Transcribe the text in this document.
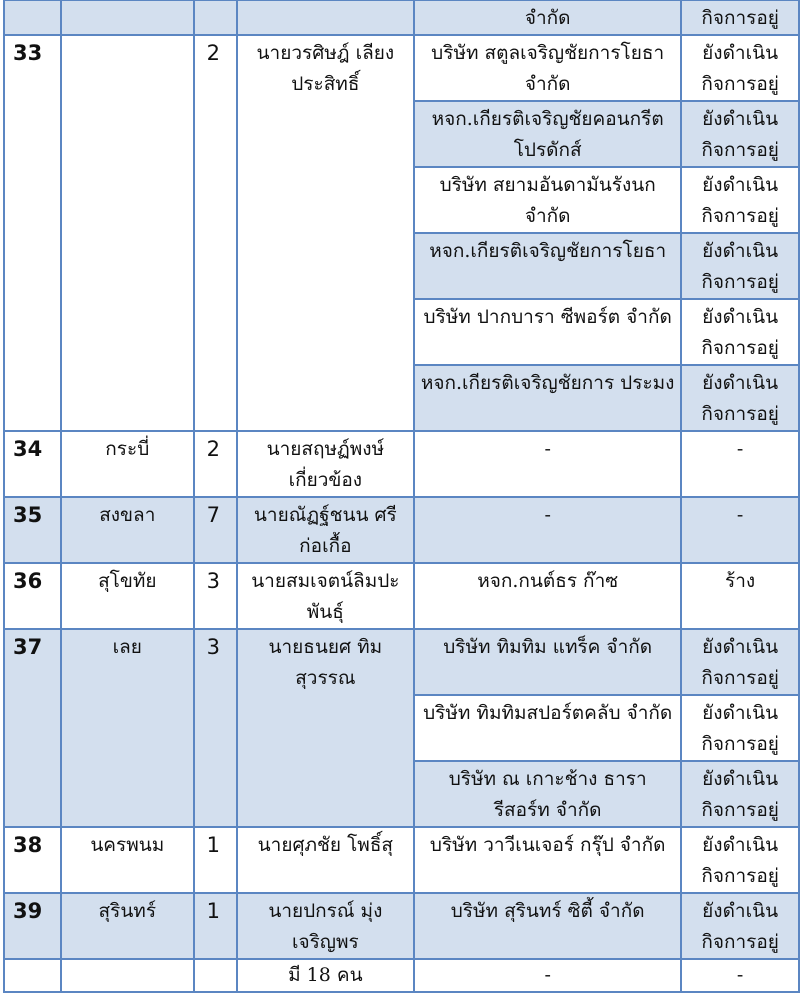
				จำกัด	กิจการอยู่
33		2	นายวรศิษฎ์ เลียง ประสิทธิ์	บริษัท สตูลเจริญชัยการโยธา จำกัด	ยังดำเนิน กิจการอยู่
				หจก.เกียรติเจริญชัยคอนกรีต โปรดักส์	ยังดำเนิน กิจการอยู่
				บริษัท สยามอันดามันรังนก จำกัด	ยังดำเนิน กิจการอยู่
				หจก.เกียรติเจริญชัยการโยธา	ยังดำเนิน กิจการอยู่
				บริษัท ปากบารา ซีพอร์ต จำกัด	ยังดำเนิน กิจการอยู่
				หจก.เกียรติเจริญชัยการ ประมง	ยังดำเนิน กิจการอยู่
34	กระบี่	2	นายสฤษฏ์พงษ์ เกี่ยวข้อง	-	-
35	สงขลา	7	นายณัฏฐ์ชนน ศรี ก่อเกื้อ	-	-
36	สุโขทัย	3	นายสมเจตน์ลิมปะ พันธุ์	หจก.กนต์ธร ก๊าซ	ร้าง
37	เลย	3	นายธนยศ ทิม สุวรรณ	บริษัท ทิมทิม แทร็ค จำกัด	ยังดำเนิน กิจการอยู่
				บริษัท ทิมทิมสปอร์ตคลับ จำกัด	ยังดำเนิน กิจการอยู่
				บริษัท ณ เกาะช้าง ธารา รีสอร์ท จำกัด	ยังดำเนิน กิจการอยู่
38	นครพนม	1	นายศุภชัย โพธิ์สุ	บริษัท วาวีเนเจอร์ กรุ๊ป จำกัด	ยังดำเนิน กิจการอยู่
39	สุรินทร์	1	นายปกรณ์ มุ่ง เจริญพร	บริษัท สุรินทร์ ซิตี้ จำกัด	ยังดำเนิน กิจการอยู่
			มี 18 คน	-	-
